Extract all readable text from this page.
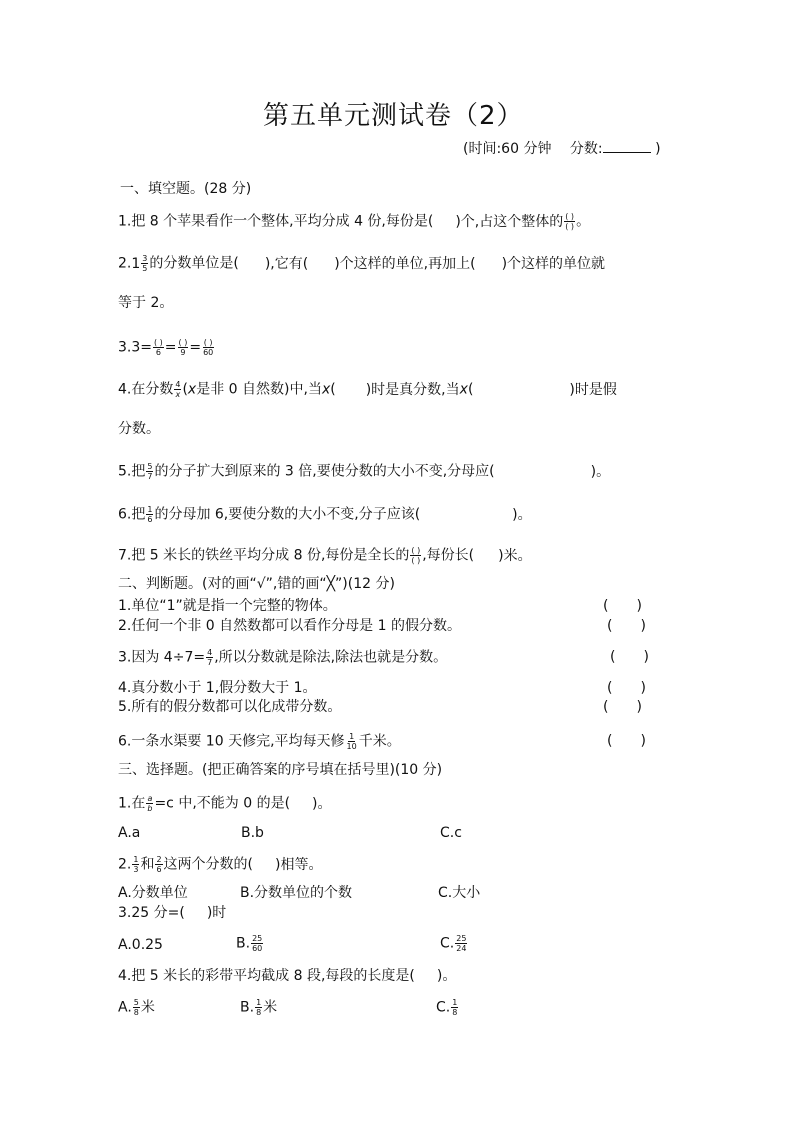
第五单元测试卷（2）
(时间:60 分钟 分数:	)
一、填空题。(28 分)
1.把 8 个苹果看作一个整体,平均分成 4 份,每份是( )个,占这个整体的 $\frac{( )}{( )}$ 。
2. $1 \frac{3}{5}$ 的分数单位是( ),它有( )个这样的单位,再加上( )个这样的单位就
等于 2。
$3.3= \frac{( )}{6} = \frac{( )}{9} = \frac{( )}{60}$
4.在分数 $\frac{4}{x} (x$是非 0 自然数)中,当x( )时是真分数,当x(	)时是假
分数。
5.把 $\frac{5}{7}$ 的分子扩大到原来的 3 倍,要使分数的大小不变,分母应(	)。
6.把 $\frac{1}{6}$ 的分母加 6,要使分数的大小不变,分子应该(	)。
7.把 5 米长的铁丝平均分成 8 份,每份是全长的 $\frac{( )}{( )}$ ,每份长( )米。
二、判断题。(对的画“√”,错的画“╳”)(12 分)
1.单位“1”就是指一个完整的物体。	(　　)
2.任何一个非 0 自然数都可以看作分母是 1 的假分数。	(　　)
3.因为 $4\div 7= \frac{4}{7}$ ,所以分数就是除法,除法也就是分数。	(　　)
4.真分数小于 1,假分数大于 1。	(　　)
5.所有的假分数都可以化成带分数。	(　　)
6.一条水渠要 10 天修完,平均每天修 $\frac{1}{10}$ 千米。	(　　)
三、选择题。(把正确答案的序号填在括号里)(10 分)
1.在 $\frac{a}{b} =c$ 中,不能为 0 的是( )。
A.a	B.b	C.c
2. $\frac{1}{3}$ 和 $\frac{2}{6}$ 这两个分数的( )相等。
A.分数单位	B.分数单位的个数	C.大小
3.25 分=( )时
A.0.25	B. $\frac{25}{60}$	C. $\frac{25}{24}$
4.把 5 米长的彩带平均截成 8 段,每段的长度是( )。
A. $\frac{5}{8}$ 米	B. $\frac{1}{8}$ 米	C. $\frac{1}{8}$
